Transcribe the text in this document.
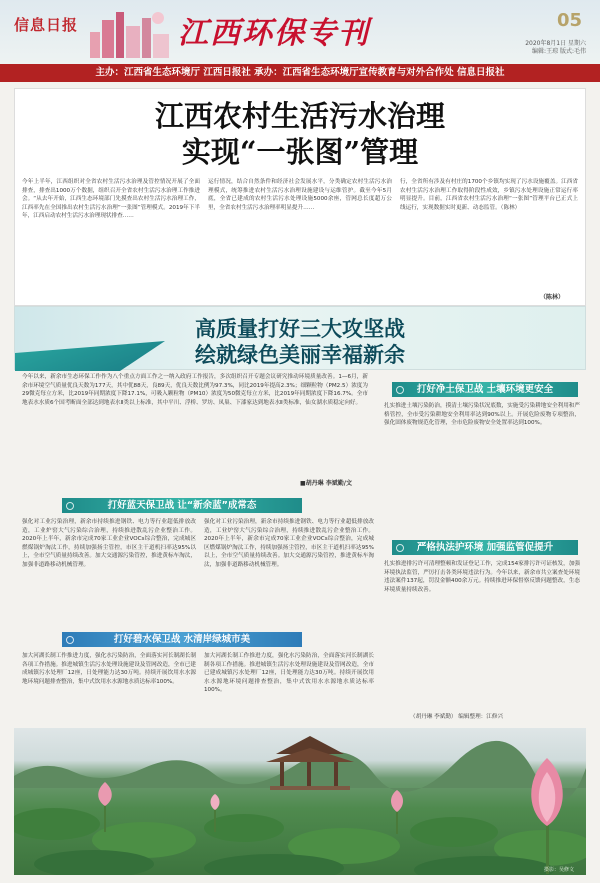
信息日报	江西环保专刊	05
2020年8月1日 星期六
编辑:王琼 版式:毛伟
主办：江西省生态环境厅 江西日报社 承办：江西省生态环境厅宣传教育与对外合作处 信息日报社
江西农村生活污水治理
实现“一张图”管理
今年上半年，江西组织对全省农村生活污水治理及管控情况开展了全面排查，排查出1000万个数据，组织召开全省农村生活污水治理工作推进会。“从去年开始，江西生态环境部门先摸查出农村生活污水治理工作，江西率先在全国推出农村生活污水治理“一张图”管理模式。2019年下半年，江西启动农村生活污水治理现状排查……
运行情况，结合自然条件和经济社会发展水平，分类确定农村生活污水治理模式，统筹推进农村生活污水治理设施建设与运维管护。截至今年5月底，全省已建成的农村生活污水处理设施5000余座，管网总长度超万公里，全省农村生活污水治理率明显提升……
行，全省所有涉及有村庄的1700个乡镇均实现了污水设施覆盖。江西省农村生活污水治理工作取得阶段性成效，乡镇污水处理设施正常运行率明显提升。目前，江西省农村生活污水治理“一张图”管理平台已正式上线运行，实现数据实时更新、动态监管。（陈林）
（陈林）
高质量打好三大攻坚战
绘就绿色美丽幸福新余
今年以来，新余市生态环保工作作为八个重点方面工作之一纳入政府工作报告，多次组织召开专题会议研究推动环境质量改善。1—6月，新余市环境空气质量优良天数为177天，其中优88天，良89天，优良天数比例为97.3%，同比2019年提高2.3%；细颗粒物（PM2.5）浓度为29微克每立方米，比2019年同期浓度下降17.1%，可吸入颗粒物（PM10）浓度为50微克每立方米，比2019年同期浓度下降16.7%。全市地表水水质6个国考断面全部达到地表水Ⅱ类以上标准，其中平川、浮桥、罗坊、凤巢、下漆家达到地表水Ⅱ类标准，仙女湖水质稳定向好。
■胡丹琳 李斌勤/文
打好蓝天保卫战 让“新余蓝”成常态
强化对工业污染治理，新余市持续推进钢铁、电力等行业超低排放改造，工业炉窑大气污染综合治理，持续推进散乱污企业整治工作。2020年上半年，新余市完成70家工业企业VOCs综合整治，完成城区燃煤锅炉淘汰工作，持续加强扬尘管控，市区主干道机扫率达95%以上，全市空气质量持续改善。加大交通源污染管控，推进黄标车淘汰，加强非道路移动机械管理。
强化对工业污染治理，新余市持续推进钢铁、电力等行业超低排放改造，工业炉窑大气污染综合治理，持续推进散乱污企业整治工作。2020年上半年，新余市完成70家工业企业VOCs综合整治，完成城区燃煤锅炉淘汰工作，持续加强扬尘管控，市区主干道机扫率达95%以上，全市空气质量持续改善。加大交通源污染管控，推进黄标车淘汰，加强非道路移动机械管理。
打好碧水保卫战 水清岸绿城市美
加大河湖长制工作推进力度，强化水污染防治，全面落实河长制湖长制各项工作措施。推进城镇生活污水处理设施建设及管网改造，全市已建成城镇污水处理厂12座，日处理能力达30万吨。持续开展饮用水水源地环境问题排查整治，集中式饮用水水源地水质达标率100%。
加大河湖长制工作推进力度，强化水污染防治，全面落实河长制湖长制各项工作措施。推进城镇生活污水处理设施建设及管网改造，全市已建成城镇污水处理厂12座，日处理能力达30万吨。持续开展饮用水水源地环境问题排查整治，集中式饮用水水源地水质达标率100%。
打好净土保卫战 土壤环境更安全
扎实推进土壤污染防治，摸清土壤污染状况底数，实施受污染耕地安全利用和严格管控，全市受污染耕地安全利用率达到90%以上。开展危险废物专项整治，强化固体废物规范化管理，全市危险废物安全处置率达到100%。
严格执法护环境 加强监管促提升
扎实推进排污许可清理整顿和发证登记工作，完成154家排污许可证核发，加强环境执法监管，严厉打击各类环境违法行为。今年以来，新余市共立案查处环境违法案件137起，罚没金额400余万元。持续推进环保督察反馈问题整改，生态环境质量持续改善。
（胡丹琳 李斌勤） 编辑整理：江修兴
摄影：吴修文
